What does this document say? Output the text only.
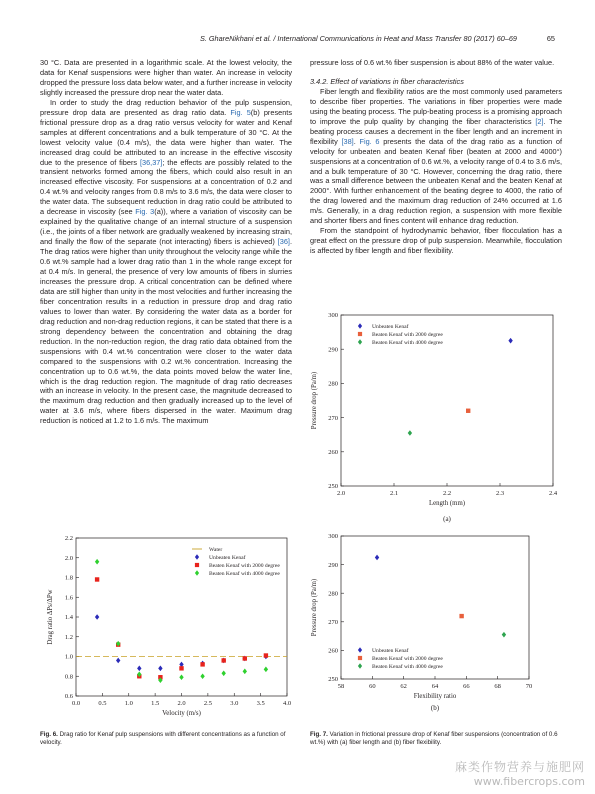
S. GhareNikhani et al. / International Communications in Heat and Mass Transfer 80 (2017) 60–69	65

30 °C. Data are presented in a logarithmic scale. At the lowest velocity, the data for Kenaf suspensions were higher than water. An increase in velocity dropped the pressure loss data below water, and a further increase in velocity slightly increased the pressure drop near the water data.

In order to study the drag reduction behavior of the pulp suspension, pressure drop data are presented as drag ratio data. Fig. 5(b) presents frictional pressure drop as a drag ratio versus velocity for water and Kenaf samples at different concentrations and a bulk temperature of 30 °C. At the lowest velocity value (0.4 m/s), the data were higher than water. The increased drag could be attributed to an increase in the effective viscosity due to the presence of fibers [36,37]; the effects are possibly related to the transient networks formed among the fibers, which could also result in an increased effective viscosity. For suspensions at a concentration of 0.2 and 0.4 wt.% and velocity ranges from 0.8 m/s to 3.6 m/s, the data were closer to the water data. The subsequent reduction in drag ratio could be attributed to a decrease in viscosity (see Fig. 3(a)), where a variation of viscosity can be explained by the qualitative change of an internal structure of a suspension (i.e., the joints of a fiber network are gradually weakened by increasing strain, and finally the flow of the separate (not interacting) fibers is achieved) [36]. The drag ratios were higher than unity throughout the velocity range while the 0.6 wt.% sample had a lower drag ratio than 1 in the whole range except for at 0.4 m/s. In general, the presence of very low amounts of fibers in slurries increases the pressure drop. A critical concentration can be defined where data are still higher than unity in the most velocities and further increasing the fiber concentration results in a reduction in pressure drop and drag ratio values to lower than water. By considering the water data as a border for drag reduction and non-drag reduction regions, it can be stated that there is a strong dependency between the concentration and obtaining the drag reduction. In the non-reduction region, the drag ratio data obtained from the suspensions with 0.4 wt.% concentration were closer to the water data compared to the suspensions with 0.2 wt.% concentration. Increasing the concentration up to 0.6 wt.%, the data points moved below the water line, which is the drag reduction region. The magnitude of drag ratio decreases with an increase in velocity. In the present case, the magnitude decreased to the maximum drag reduction and then gradually increased up to the level of water at 3.6 m/s, where fibers dispersed in the water. Maximum drag reduction is noticed at 1.2 to 1.6 m/s. The maximum

pressure loss of 0.6 wt.% fiber suspension is about 88% of the water value.

3.4.2. Effect of variations in fiber characteristics

Fiber length and flexibility ratios are the most commonly used parameters to describe fiber properties. The variations in fiber properties were made using the beating process. The pulp-beating process is a promising approach to improve the pulp quality by changing the fiber characteristics [2]. The beating process causes a decrement in the fiber length and an increment in flexibility [38]. Fig. 6 presents the data of the drag ratio as a function of velocity for unbeaten and beaten Kenaf fiber (beaten at 2000 and 4000°) suspensions at a concentration of 0.6 wt.%, a velocity range of 0.4 to 3.6 m/s, and a bulk temperature of 30 °C. However, concerning the drag ratio, there was a small difference between the unbeaten Kenaf and the beaten Kenaf at 2000°. With further enhancement of the beating degree to 4000, the ratio of the drag lowered and the maximum drag reduction of 24% occurred at 1.6 m/s. Generally, in a drag reduction region, a suspension with more flexible and shorter fibers and fines content will enhance drag reduction.

From the standpoint of hydrodynamic behavior, fiber flocculation has a great effect on the pressure drop of pulp suspension. Meanwhile, flocculation is affected by fiber length and fiber flexibility.

2.0	2.1	2.2	2.3	2.4
250
260
270
280
290
300
Length (mm)
Pressure drop (Pa/m)
Unbeaten Kenaf
Beaten Kenaf with 2000 degree
Beaten Kenaf with 4000 degree
(a)
58	60	62	64	66	68	70
250
260
270
280
290
300
Flexibility ratio
Pressure drop (Pa/m)
Unbeaten Kenaf
Beaten Kenaf with 2000 degree
Beaten Kenaf with 4000 degree
(b)
0.0	0.5	1.0	1.5	2.0	2.5	3.0	3.5	4.0
0.6
0.8
1.0
1.2
1.4
1.6
1.8
2.0
2.2
Velocity (m/s)
Drag ratio ΔPs/ΔPw
Water
Unbeaten Kenaf
Beaten Kenaf with 2000 degree
Beaten Kenaf with 4000 degree
Fig. 6. Drag ratio for Kenaf pulp suspensions with different concentrations as a function of velocity.
Fig. 7. Variation in frictional pressure drop of Kenaf fiber suspensions (concentration of 0.6 wt.%) with (a) fiber length and (b) fiber flexibility.
麻类作物营养与施肥网
www.fibercrops.com
